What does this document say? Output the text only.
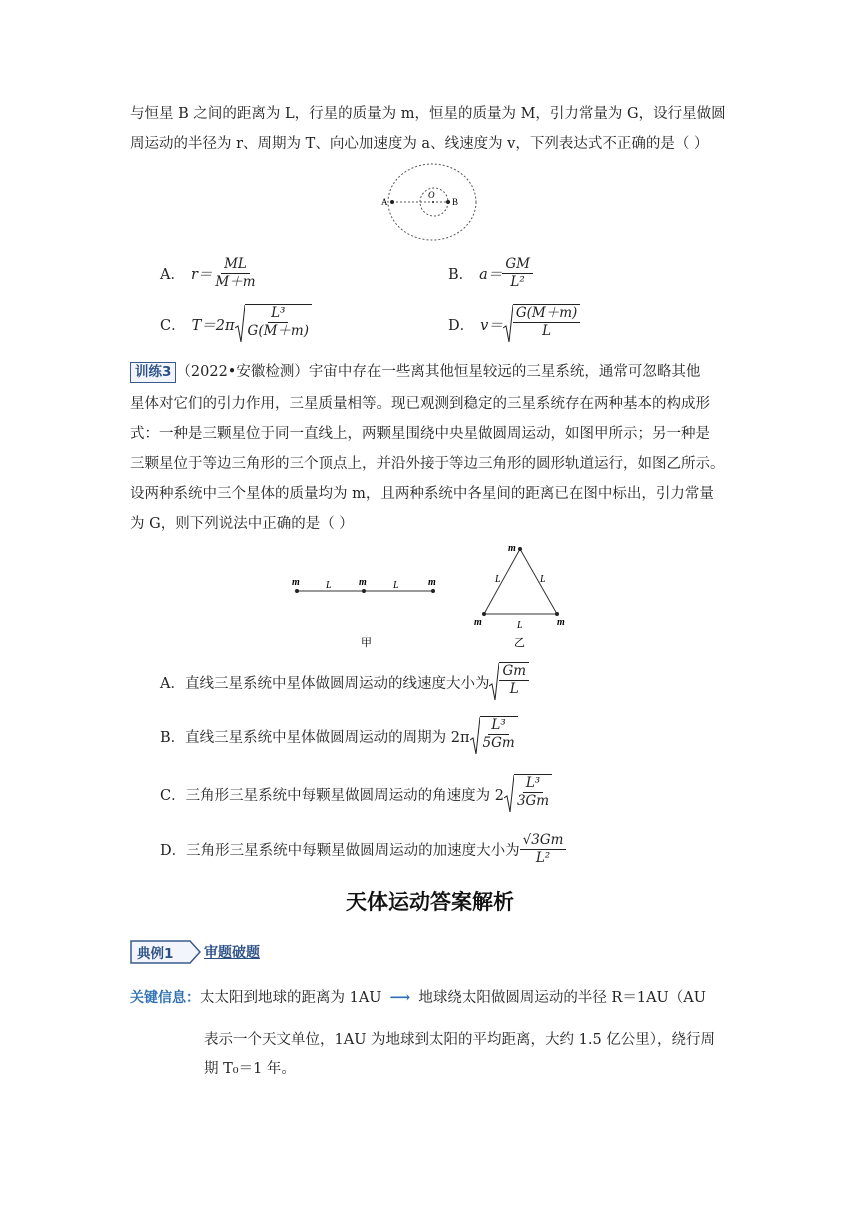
与恒星 B 之间的距离为 L，行星的质量为 m，恒星的质量为 M，引力常量为 G，设行星做圆
周运动的半径为 r、周期为 T、向心加速度为 a、线速度为 v，下列表达式不正确的是（ ）
A	B
O
A． $r= \frac{ML}{M+m}$	B． $a= \frac{GM}{\text{L²}}$
C． $T=2\pi \frac{\text{L³}}{G(M+m)}$	D． $v= \frac{G(M+m)}{L}$
训练3 （2022•安徽检测）宇宙中存在一些离其他恒星较远的三星系统，通常可忽略其他
星体对它们的引力作用，三星质量相等。现已观测到稳定的三星系统存在两种基本的构成形
式：一种是三颗星位于同一直线上，两颗星围绕中央星做圆周运动，如图甲所示；另一种是
三颗星位于等边三角形的三个顶点上，并沿外接于等边三角形的圆形轨道运行，如图乙所示。
设两种系统中三个星体的质量均为 m，且两种系统中各星间的距离已在图中标出，引力常量
为 G，则下列说法中正确的是（ ）
m	m	m
L	L
m
m	m
L	L
L
甲	乙
A．直线三星系统中星体做圆周运动的线速度大小为 $\frac{Gm}{L}$
B．直线三星系统中星体做圆周运动的周期为 $2\pi \frac{\text{L³}}{5Gm}$
C．三角形三星系统中每颗星做圆周运动的角速度为 $2 \frac{\text{L³}}{3Gm}$
D．三角形三星系统中每颗星做圆周运动的加速度大小为 $\frac{√3Gm}{\text{L²}}$
天体运动答案解析
典例1 审题破题
关键信息： 太太阳到地球的距离为 1AU ⟶ 地球绕太阳做圆周运动的半径 R＝1AU（AU
表示一个天文单位，1AU 为地球到太阳的平均距离，大约 1.5 亿公里），绕行周
期 T₀＝1 年。
